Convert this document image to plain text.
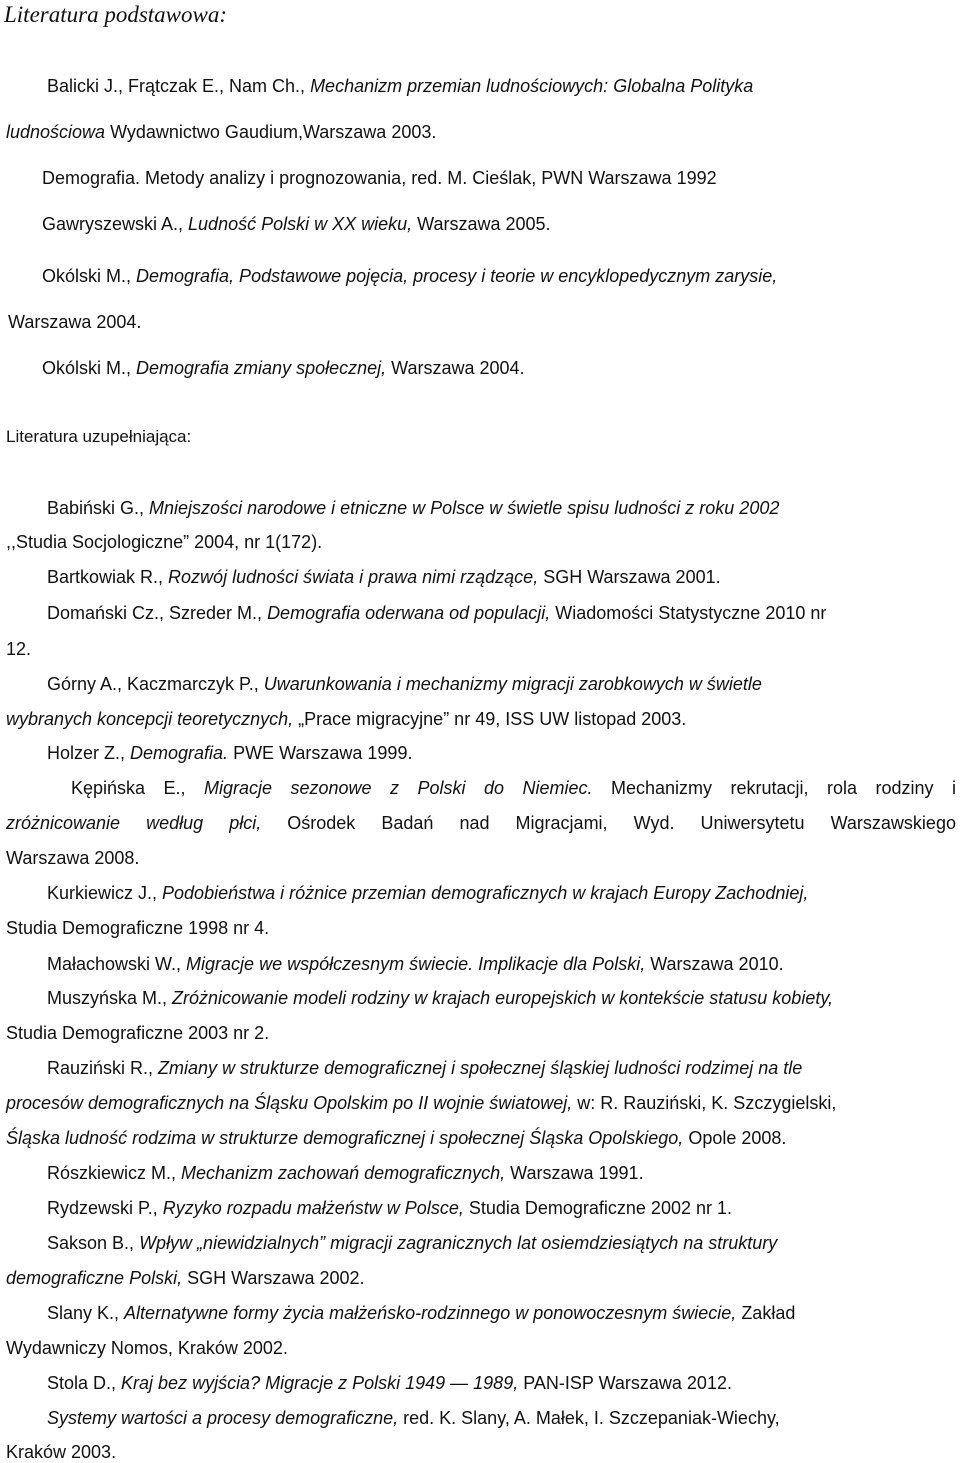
Literatura podstawowa:
Literatura uzupełniająca:
Balicki J., Frątczak E., Nam Ch., Mechanizm przemian ludnościowych: Globalna Polityka
ludnościowa Wydawnictwo Gaudium,Warszawa 2003.
Demografia. Metody analizy i prognozowania, red. M. Cieślak, PWN Warszawa 1992
Gawryszewski A., Ludność Polski w XX wieku, Warszawa 2005.
Okólski M., Demografia, Podstawowe pojęcia, procesy i teorie w encyklopedycznym zarysie,
Warszawa 2004.
Okólski M., Demografia zmiany społecznej, Warszawa 2004.
Babiński G., Mniejszości narodowe i etniczne w Polsce w świetle spisu ludności z roku 2002
,,Studia Socjologiczne” 2004, nr 1(172).
Bartkowiak R., Rozwój ludności świata i prawa nimi rządzące, SGH Warszawa 2001.
Domański Cz., Szreder M., Demografia oderwana od populacji, Wiadomości Statystyczne 2010 nr
12.
Górny A., Kaczmarczyk P., Uwarunkowania i mechanizmy migracji zarobkowych w świetle
wybranych koncepcji teoretycznych, „Prace migracyjne” nr 49, ISS UW listopad 2003.
Holzer Z., Demografia. PWE Warszawa 1999.
Kępińska E., Migracje sezonowe z Polski do Niemiec. Mechanizmy rekrutacji, rola rodziny i
zróżnicowanie według płci, Ośrodek Badań nad Migracjami, Wyd. Uniwersytetu Warszawskiego
Warszawa 2008.
Kurkiewicz J., Podobieństwa i różnice przemian demograficznych w krajach Europy Zachodniej,
Studia Demograficzne 1998 nr 4.
Małachowski W., Migracje we współczesnym świecie. Implikacje dla Polski, Warszawa 2010.
Muszyńska M., Zróżnicowanie modeli rodziny w krajach europejskich w kontekście statusu kobiety,
Studia Demograficzne 2003 nr 2.
Rauziński R., Zmiany w strukturze demograficznej i społecznej śląskiej ludności rodzimej na tle
procesów demograficznych na Śląsku Opolskim po II wojnie światowej, w: R. Rauziński, K. Szczygielski,
Śląska ludność rodzima w strukturze demograficznej i społecznej Śląska Opolskiego, Opole 2008.
Rószkiewicz M., Mechanizm zachowań demograficznych, Warszawa 1991.
Rydzewski P., Ryzyko rozpadu małżeństw w Polsce, Studia Demograficzne 2002 nr 1.
Sakson B., Wpływ „niewidzialnych” migracji zagranicznych lat osiemdziesiątych na struktury
demograficzne Polski, SGH Warszawa 2002.
Slany K., Alternatywne formy życia małżeńsko-rodzinnego w ponowoczesnym świecie, Zakład
Wydawniczy Nomos, Kraków 2002.
Stola D., Kraj bez wyjścia? Migracje z Polski 1949 — 1989, PAN-ISP Warszawa 2012.
Systemy wartości a procesy demograficzne, red. K. Slany, A. Małek, I. Szczepaniak-Wiechy,
Kraków 2003.
